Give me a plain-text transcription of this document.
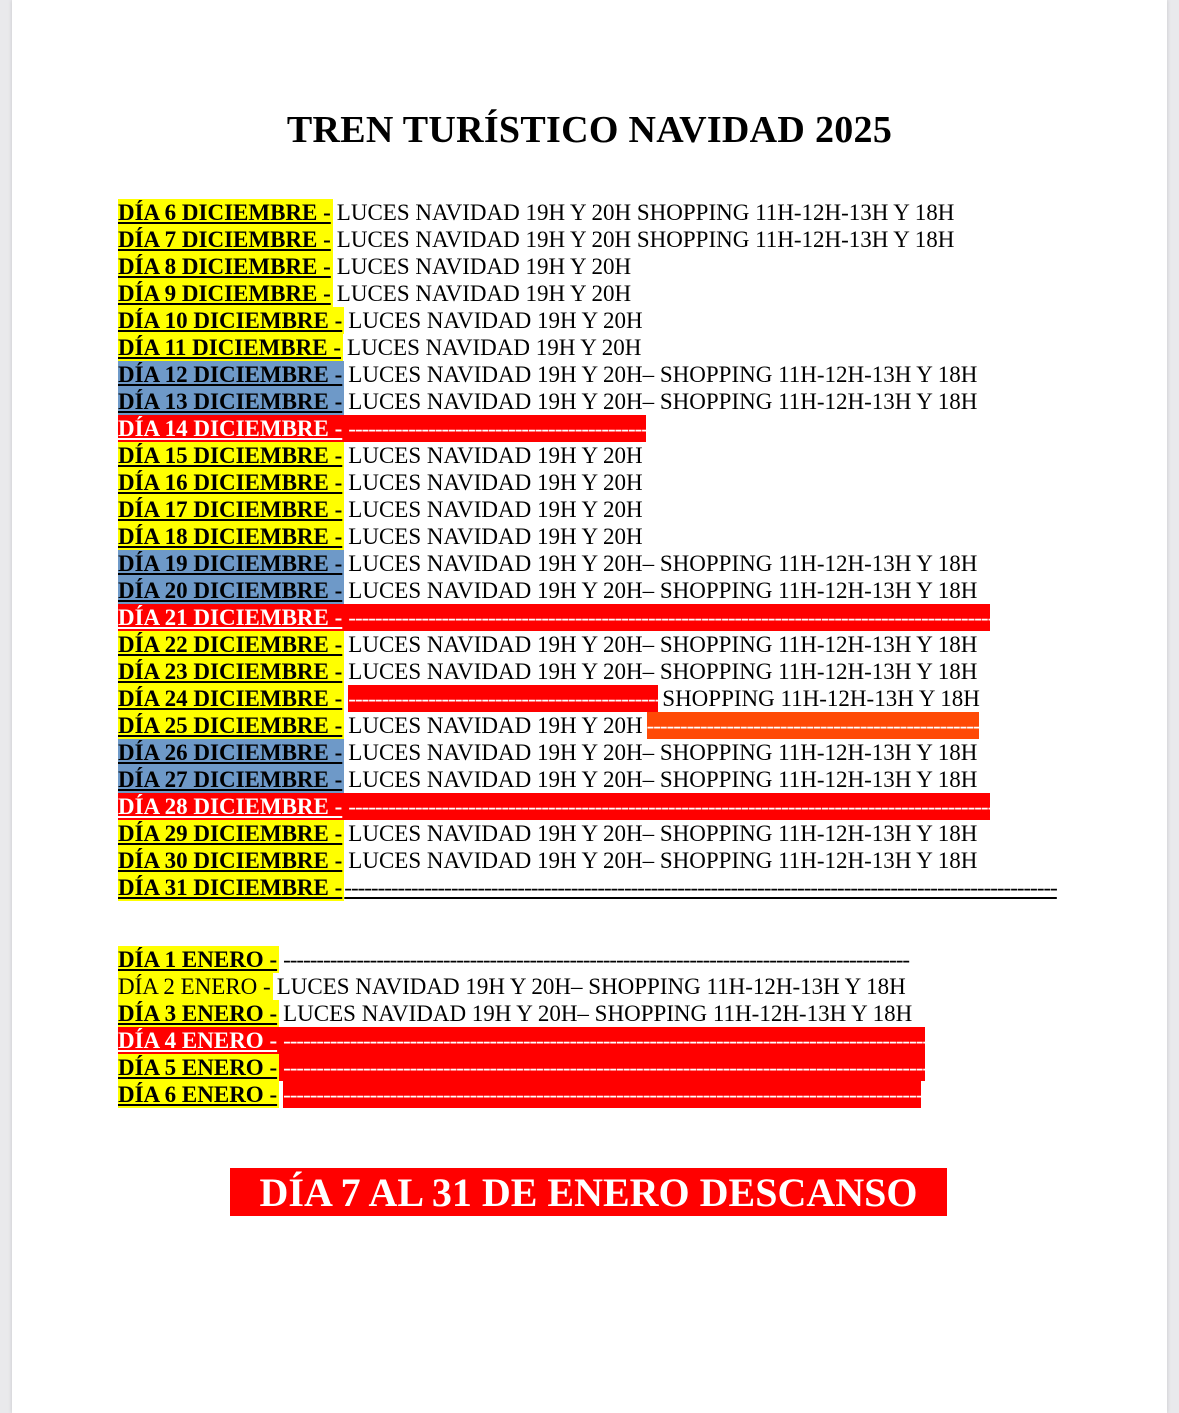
TREN TURÍSTICO NAVIDAD 2025
DÍA 6 DICIEMBRE - LUCES NAVIDAD 19H Y 20H SHOPPING 11H-12H-13H Y 18H
DÍA 7 DICIEMBRE - LUCES NAVIDAD 19H Y 20H SHOPPING 11H-12H-13H Y 18H
DÍA 8 DICIEMBRE - LUCES NAVIDAD 19H Y 20H
DÍA 9 DICIEMBRE - LUCES NAVIDAD 19H Y 20H
DÍA 10 DICIEMBRE - LUCES NAVIDAD 19H Y 20H
DÍA 11 DICIEMBRE - LUCES NAVIDAD 19H Y 20H
DÍA 12 DICIEMBRE - LUCES NAVIDAD 19H Y 20H– SHOPPING 11H-12H-13H Y 18H
DÍA 13 DICIEMBRE - LUCES NAVIDAD 19H Y 20H– SHOPPING 11H-12H-13H Y 18H
DÍA 14 DICIEMBRE - ------------------------------------------------
DÍA 15 DICIEMBRE - LUCES NAVIDAD 19H Y 20H
DÍA 16 DICIEMBRE - LUCES NAVIDAD 19H Y 20H
DÍA 17 DICIEMBRE - LUCES NAVIDAD 19H Y 20H
DÍA 18 DICIEMBRE - LUCES NAVIDAD 19H Y 20H
DÍA 19 DICIEMBRE - LUCES NAVIDAD 19H Y 20H– SHOPPING 11H-12H-13H Y 18H
DÍA 20 DICIEMBRE - LUCES NAVIDAD 19H Y 20H– SHOPPING 11H-12H-13H Y 18H
DÍA 21 DICIEMBRE - ------------------------------------------------------------------------------------------------------
DÍA 22 DICIEMBRE - LUCES NAVIDAD 19H Y 20H– SHOPPING 11H-12H-13H Y 18H
DÍA 23 DICIEMBRE - LUCES NAVIDAD 19H Y 20H– SHOPPING 11H-12H-13H Y 18H
DÍA 24 DICIEMBRE - -------------------------------------------------
SHOPPING 11H-12H-13H Y 18H
DÍA 25 DICIEMBRE - LUCES NAVIDAD 19H Y 20H ------------------------------------------------------
DÍA 26 DICIEMBRE - LUCES NAVIDAD 19H Y 20H– SHOPPING 11H-12H-13H Y 18H
DÍA 27 DICIEMBRE - LUCES NAVIDAD 19H Y 20H– SHOPPING 11H-12H-13H Y 18H
DÍA 28 DICIEMBRE - ------------------------------------------------------------------------------------------------------
DÍA 29 DICIEMBRE - LUCES NAVIDAD 19H Y 20H– SHOPPING 11H-12H-13H Y 18H
DÍA 30 DICIEMBRE - LUCES NAVIDAD 19H Y 20H– SHOPPING 11H-12H-13H Y 18H
DÍA 31 DICIEMBRE - -----------------------------------------------------------------------------------------------------------
DÍA 1 ENERO - ----------------------------------------------------------------------------------------------
DÍA 2 ENERO - LUCES NAVIDAD 19H Y 20H– SHOPPING 11H-12H-13H Y 18H
DÍA 3 ENERO - LUCES NAVIDAD 19H Y 20H– SHOPPING 11H-12H-13H Y 18H
DÍA 4 ENERO - --------------------------------------------------------------------------------------------------
DÍA 5 ENERO - ---------------------------------------------------------------------------------------------------
DÍA 6 ENERO - --------------------------------------------------------------------------------------------------
DÍA 7 AL 31 DE ENERO DESCANSO
